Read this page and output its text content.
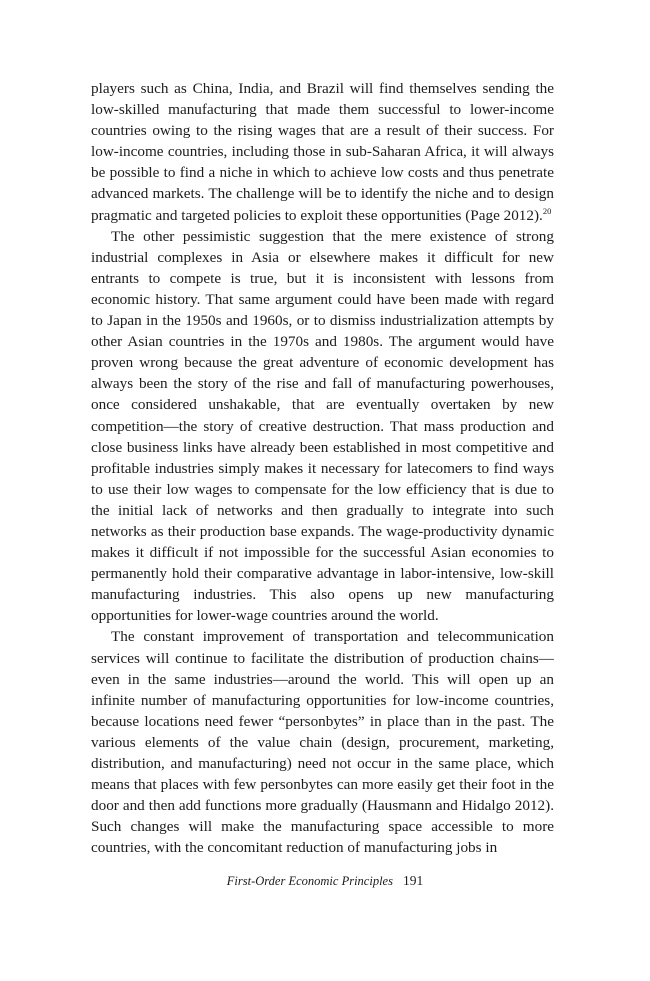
players such as China, India, and Brazil will find themselves sending the low-skilled manufacturing that made them successful to lower-income countries owing to the rising wages that are a result of their success. For low-income countries, including those in sub-Saharan Africa, it will always be possible to find a niche in which to achieve low costs and thus penetrate advanced markets. The challenge will be to identify the niche and to design pragmatic and targeted policies to exploit these opportunities (Page 2012).$^{20}$

The other pessimistic suggestion that the mere existence of strong industrial complexes in Asia or elsewhere makes it difficult for new entrants to compete is true, but it is inconsistent with lessons from economic history. That same argument could have been made with regard to Japan in the 1950s and 1960s, or to dismiss industrialization attempts by other Asian countries in the 1970s and 1980s. The argument would have proven wrong because the great adventure of economic development has always been the story of the rise and fall of manufacturing powerhouses, once considered unshakable, that are eventually overtaken by new competition—the story of creative destruction. That mass production and close business links have already been established in most competitive and profitable industries simply makes it necessary for latecomers to find ways to use their low wages to compensate for the low efficiency that is due to the initial lack of networks and then gradually to integrate into such networks as their production base expands. The wage-productivity dynamic makes it difficult if not impossible for the successful Asian economies to permanently hold their comparative advantage in labor-intensive, low-skill manufacturing industries. This also opens up new manufacturing opportunities for lower-wage countries around the world.

The constant improvement of transportation and telecommunication services will continue to facilitate the distribution of production chains—even in the same industries—around the world. This will open up an infinite number of manufacturing opportunities for low-income countries, because locations need fewer “personbytes” in place than in the past. The various elements of the value chain (design, procurement, marketing, distribution, and manufacturing) need not occur in the same place, which means that places with few personbytes can more easily get their foot in the door and then add functions more gradually (Hausmann and Hidalgo 2012). Such changes will make the manufacturing space accessible to more countries, with the concomitant reduction of manufacturing jobs in

First-Order Economic Principles 191
